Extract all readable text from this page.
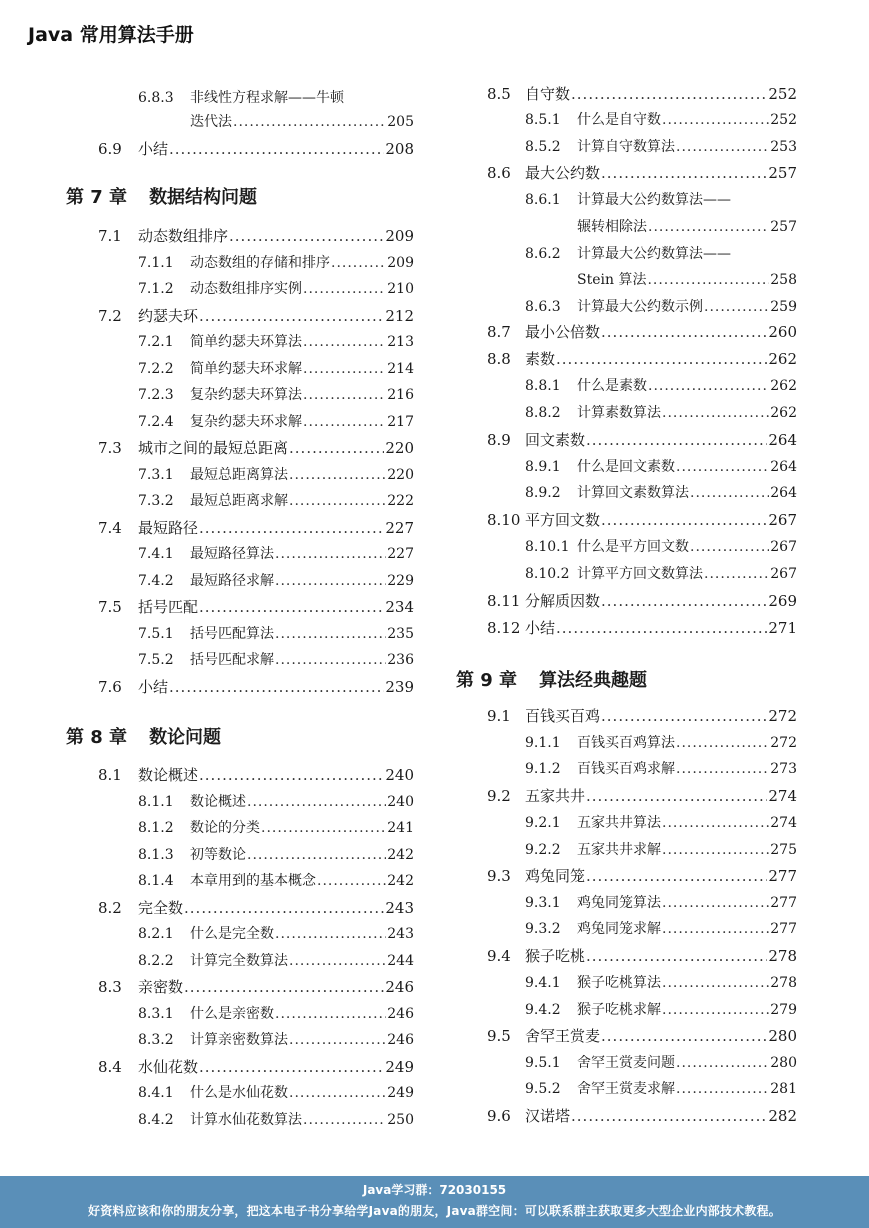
Java 常用算法手册
6.8.3	非线性方程求解——牛顿
迭代法 .....	205
6.9	小结 .....	208
第 7 章 数据结构问题
7.1	动态数组排序 .....	209
7.1.1	动态数组的存储和排序 .....	209
7.1.2	动态数组排序实例 .....	210
7.2	约瑟夫环 .....	212
7.2.1	简单约瑟夫环算法 .....	213
7.2.2	简单约瑟夫环求解 .....	214
7.2.3	复杂约瑟夫环算法 .....	216
7.2.4	复杂约瑟夫环求解 .....	217
7.3	城市之间的最短总距离 .....	220
7.3.1	最短总距离算法 .....	220
7.3.2	最短总距离求解 .....	222
7.4	最短路径 .....	227
7.4.1	最短路径算法 .....	227
7.4.2	最短路径求解 .....	229
7.5	括号匹配 .....	234
7.5.1	括号匹配算法 .....	235
7.5.2	括号匹配求解 .....	236
7.6	小结 .....	239
第 8 章 数论问题
8.1	数论概述 .....	240
8.1.1	数论概述 .....	240
8.1.2	数论的分类 .....	241
8.1.3	初等数论 .....	242
8.1.4	本章用到的基本概念 .....	242
8.2	完全数 .....	243
8.2.1	什么是完全数 .....	243
8.2.2	计算完全数算法 .....	244
8.3	亲密数 .....	246
8.3.1	什么是亲密数 .....	246
8.3.2	计算亲密数算法 .....	246
8.4	水仙花数 .....	249
8.4.1	什么是水仙花数 .....	249
8.4.2	计算水仙花数算法 .....	250
8.5 自守数 .....	252
8.5.1	什么是自守数 .....	252
8.5.2	计算自守数算法 .....	253
8.6 最大公约数 .....	257
8.6.1	计算最大公约数算法——
辗转相除法 .....	257
8.6.2	计算最大公约数算法——
Stein 算法 .....	258
8.6.3	计算最大公约数示例 .....	259
8.7 最小公倍数 .....	260
8.8 素数 .....	262
8.8.1	什么是素数 .....	262
8.8.2	计算素数算法 .....	262
8.9 回文素数 .....	264
8.9.1	什么是回文素数 .....	264
8.9.2	计算回文素数算法 .....	264
8.10 平方回文数 .....	267
8.10.1 什么是平方回文数 .....	267
8.10.2 计算平方回文数算法 .....	267
8.11 分解质因数 .....	269
8.12 小结 .....	271
第 9 章 算法经典趣题
9.1 百钱买百鸡 .....	272
9.1.1	百钱买百鸡算法 .....	272
9.1.2	百钱买百鸡求解 .....	273
9.2 五家共井 .....	274
9.2.1	五家共井算法 .....	274
9.2.2	五家共井求解 .....	275
9.3 鸡兔同笼 .....	277
9.3.1	鸡兔同笼算法 .....	277
9.3.2	鸡兔同笼求解 .....	277
9.4 猴子吃桃 .....	278
9.4.1	猴子吃桃算法 .....	278
9.4.2	猴子吃桃求解 .....	279
9.5 舍罕王赏麦 .....	280
9.5.1	舍罕王赏麦问题 .....	280
9.5.2	舍罕王赏麦求解 .....	281
9.6 汉诺塔 .....	282
Java学习群：72030155
好资料应该和你的朋友分享，把这本电子书分享给学Java的朋友，Java群空间：可以联系群主获取更多大型企业内部技术教程。
